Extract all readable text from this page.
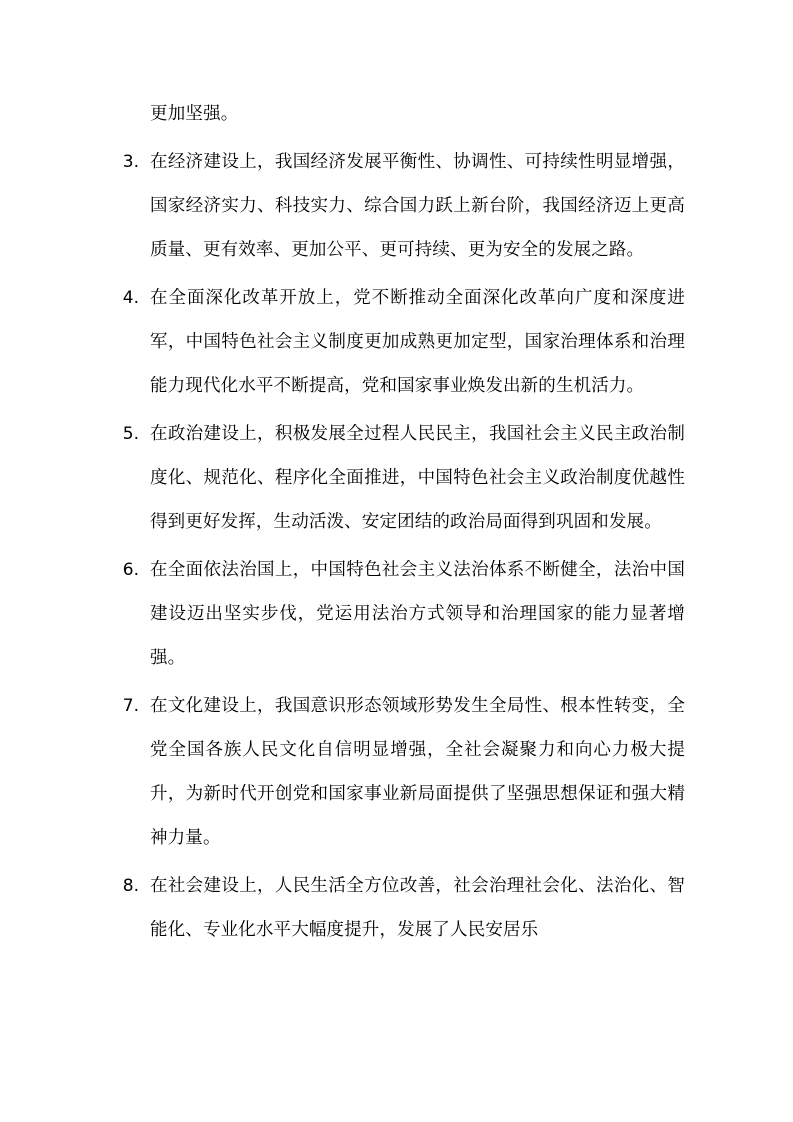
更加坚强。

3. 在经济建设上，我国经济发展平衡性、协调性、可持续性明显增强，国家经济实力、科技实力、综合国力跃上新台阶，我国经济迈上更高质量、更有效率、更加公平、更可持续、更为安全的发展之路。
4. 在全面深化改革开放上，党不断推动全面深化改革向广度和深度进军，中国特色社会主义制度更加成熟更加定型，国家治理体系和治理能力现代化水平不断提高，党和国家事业焕发出新的生机活力。
5. 在政治建设上，积极发展全过程人民民主，我国社会主义民主政治制度化、规范化、程序化全面推进，中国特色社会主义政治制度优越性得到更好发挥，生动活泼、安定团结的政治局面得到巩固和发展。
6. 在全面依法治国上，中国特色社会主义法治体系不断健全，法治中国建设迈出坚实步伐，党运用法治方式领导和治理国家的能力显著增强。
7. 在文化建设上，我国意识形态领域形势发生全局性、根本性转变，全党全国各族人民文化自信明显增强，全社会凝聚力和向心力极大提升，为新时代开创党和国家事业新局面提供了坚强思想保证和强大精神力量。
8. 在社会建设上，人民生活全方位改善，社会治理社会化、法治化、智能化、专业化水平大幅度提升，发展了人民安居乐
